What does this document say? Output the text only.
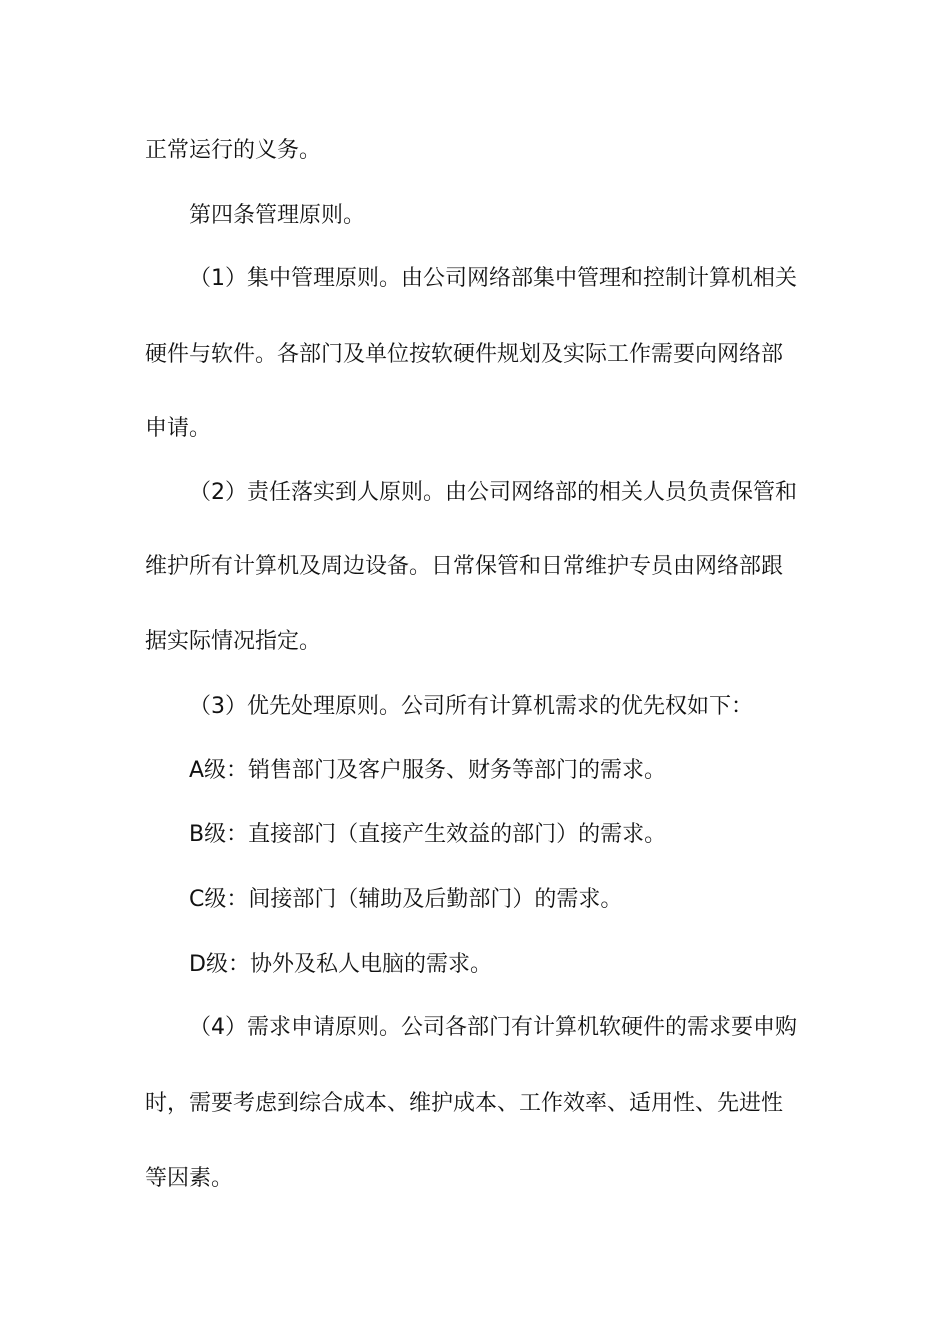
正常运行的义务。
第四条管理原则。
（1）集中管理原则。由公司网络部集中管理和控制计算机相关
硬件与软件。各部门及单位按软硬件规划及实际工作需要向网络部
申请。
（2）责任落实到人原则。由公司网络部的相关人员负责保管和
维护所有计算机及周边设备。日常保管和日常维护专员由网络部跟
据实际情况指定。
（3）优先处理原则。公司所有计算机需求的优先权如下：
A级：销售部门及客户服务、财务等部门的需求。
B级：直接部门（直接产生效益的部门）的需求。
C级：间接部门（辅助及后勤部门）的需求。
D级：协外及私人电脑的需求。
（4）需求申请原则。公司各部门有计算机软硬件的需求要申购
时，需要考虑到综合成本、维护成本、工作效率、适用性、先进性
等因素。
